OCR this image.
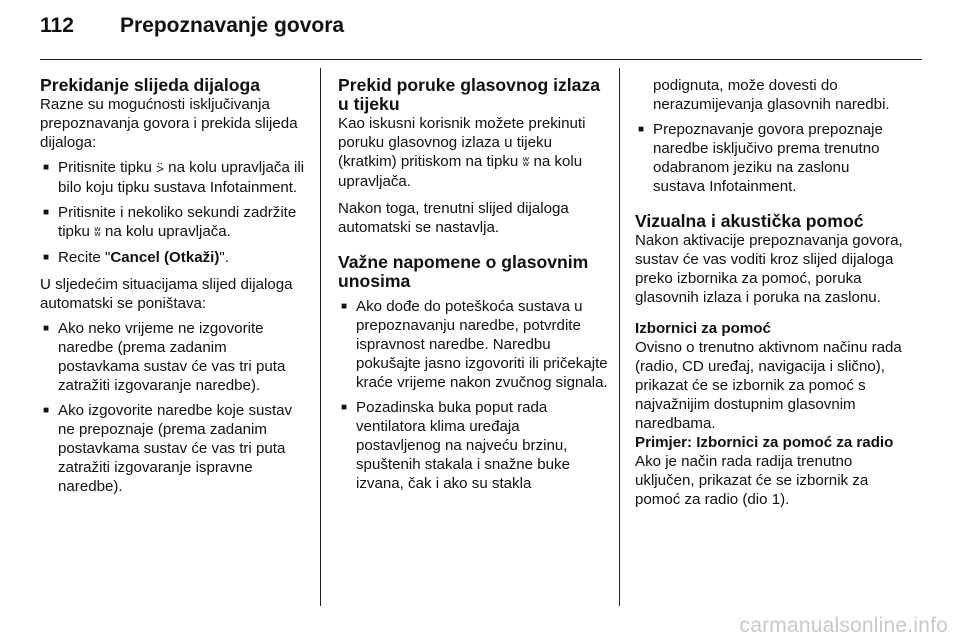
112 Prepoznavanje govora
Prekidanje slijeda dijaloga

Razne su mogućnosti isključivanja prepoznavanja govora i prekida slijeda dijaloga:

■ Pritisnite tipku ⍩ na kolu upravljača ili bilo koju tipku sustava Infotainment.
■ Pritisnite i nekoliko sekundi zadržite tipku ʬ na kolu upravljača.
■ Recite "Cancel (Otkaži)".

U sljedećim situacijama slijed dijaloga automatski se poništava:

■ Ako neko vrijeme ne izgovorite naredbe (prema zadanim postavkama sustav će vas tri puta zatražiti izgovaranje naredbe).
■ Ako izgovorite naredbe koje sustav ne prepoznaje (prema zadanim postavkama sustav će vas tri puta zatražiti izgovaranje ispravne naredbe).
Prekid poruke glasovnog izlaza u tijeku

Kao iskusni korisnik možete prekinuti poruku glasovnog izlaza u tijeku (kratkim) pritiskom na tipku ʬ na kolu upravljača.

Nakon toga, trenutni slijed dijaloga automatski se nastavlja.

Važne napomene o glasovnim unosima
■ Ako dođe do poteškoća sustava u prepoznavanju naredbe, potvrdite ispravnost naredbe. Naredbu pokušajte jasno izgovoriti ili pričekajte kraće vrijeme nakon zvučnog signala.
■ Pozadinska buka poput rada ventilatora klima uređaja postavljenog na najveću brzinu, spuštenih stakala i snažne buke izvana, čak i ako su stakla

podignuta, može dovesti do nerazumijevanja glasovnih naredbi.

■ Prepoznavanje govora prepoznaje naredbe isključivo prema trenutno odabranom jeziku na zaslonu sustava Infotainment.
Vizualna i akustička pomoć

Nakon aktivacije prepoznavanja govora, sustav će vas voditi kroz slijed dijaloga preko izbornika za pomoć, poruka glasovnih izlaza i poruka na zaslonu.

Izbornici za pomoć

Ovisno o trenutno aktivnom načinu rada (radio, CD uređaj, navigacija i slično), prikazat će se izbornik za pomoć s najvažnijim dostupnim glasovnim naredbama.

Primjer: Izbornici za pomoć za radio

Ako je način rada radija trenutno uključen, prikazat će se izbornik za pomoć za radio (dio 1).

carmanualsonline.info
